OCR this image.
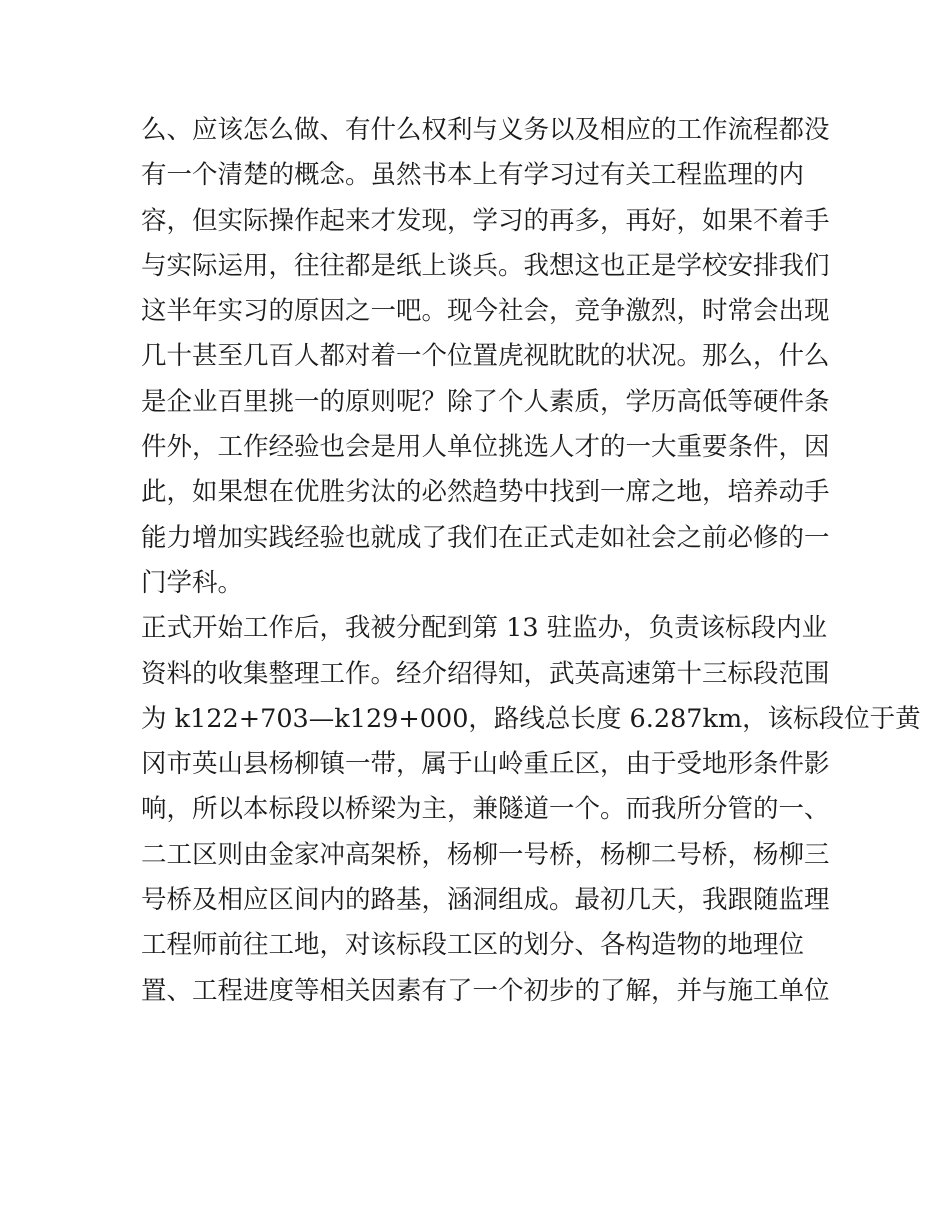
么、应该怎么做、有什么权利与义务以及相应的工作流程都没
有一个清楚的概念。虽然书本上有学习过有关工程监理的内
容，但实际操作起来才发现，学习的再多，再好，如果不着手
与实际运用，往往都是纸上谈兵。我想这也正是学校安排我们
这半年实习的原因之一吧。现今社会，竞争激烈，时常会出现
几十甚至几百人都对着一个位置虎视眈眈的状况。那么，什么
是企业百里挑一的原则呢？除了个人素质，学历高低等硬件条
件外，工作经验也会是用人单位挑选人才的一大重要条件，因
此，如果想在优胜劣汰的必然趋势中找到一席之地，培养动手
能力增加实践经验也就成了我们在正式走如社会之前必修的一
门学科。
正式开始工作后，我被分配到第 13 驻监办，负责该标段内业
资料的收集整理工作。经介绍得知，武英高速第十三标段范围
为 k122+703—k129+000，路线总长度 6.287km，该标段位于黄
冈市英山县杨柳镇一带，属于山岭重丘区，由于受地形条件影
响，所以本标段以桥梁为主，兼隧道一个。而我所分管的一、
二工区则由金家冲高架桥，杨柳一号桥，杨柳二号桥，杨柳三
号桥及相应区间内的路基，涵洞组成。最初几天，我跟随监理
工程师前往工地，对该标段工区的划分、各构造物的地理位
置、工程进度等相关因素有了一个初步的了解，并与施工单位
